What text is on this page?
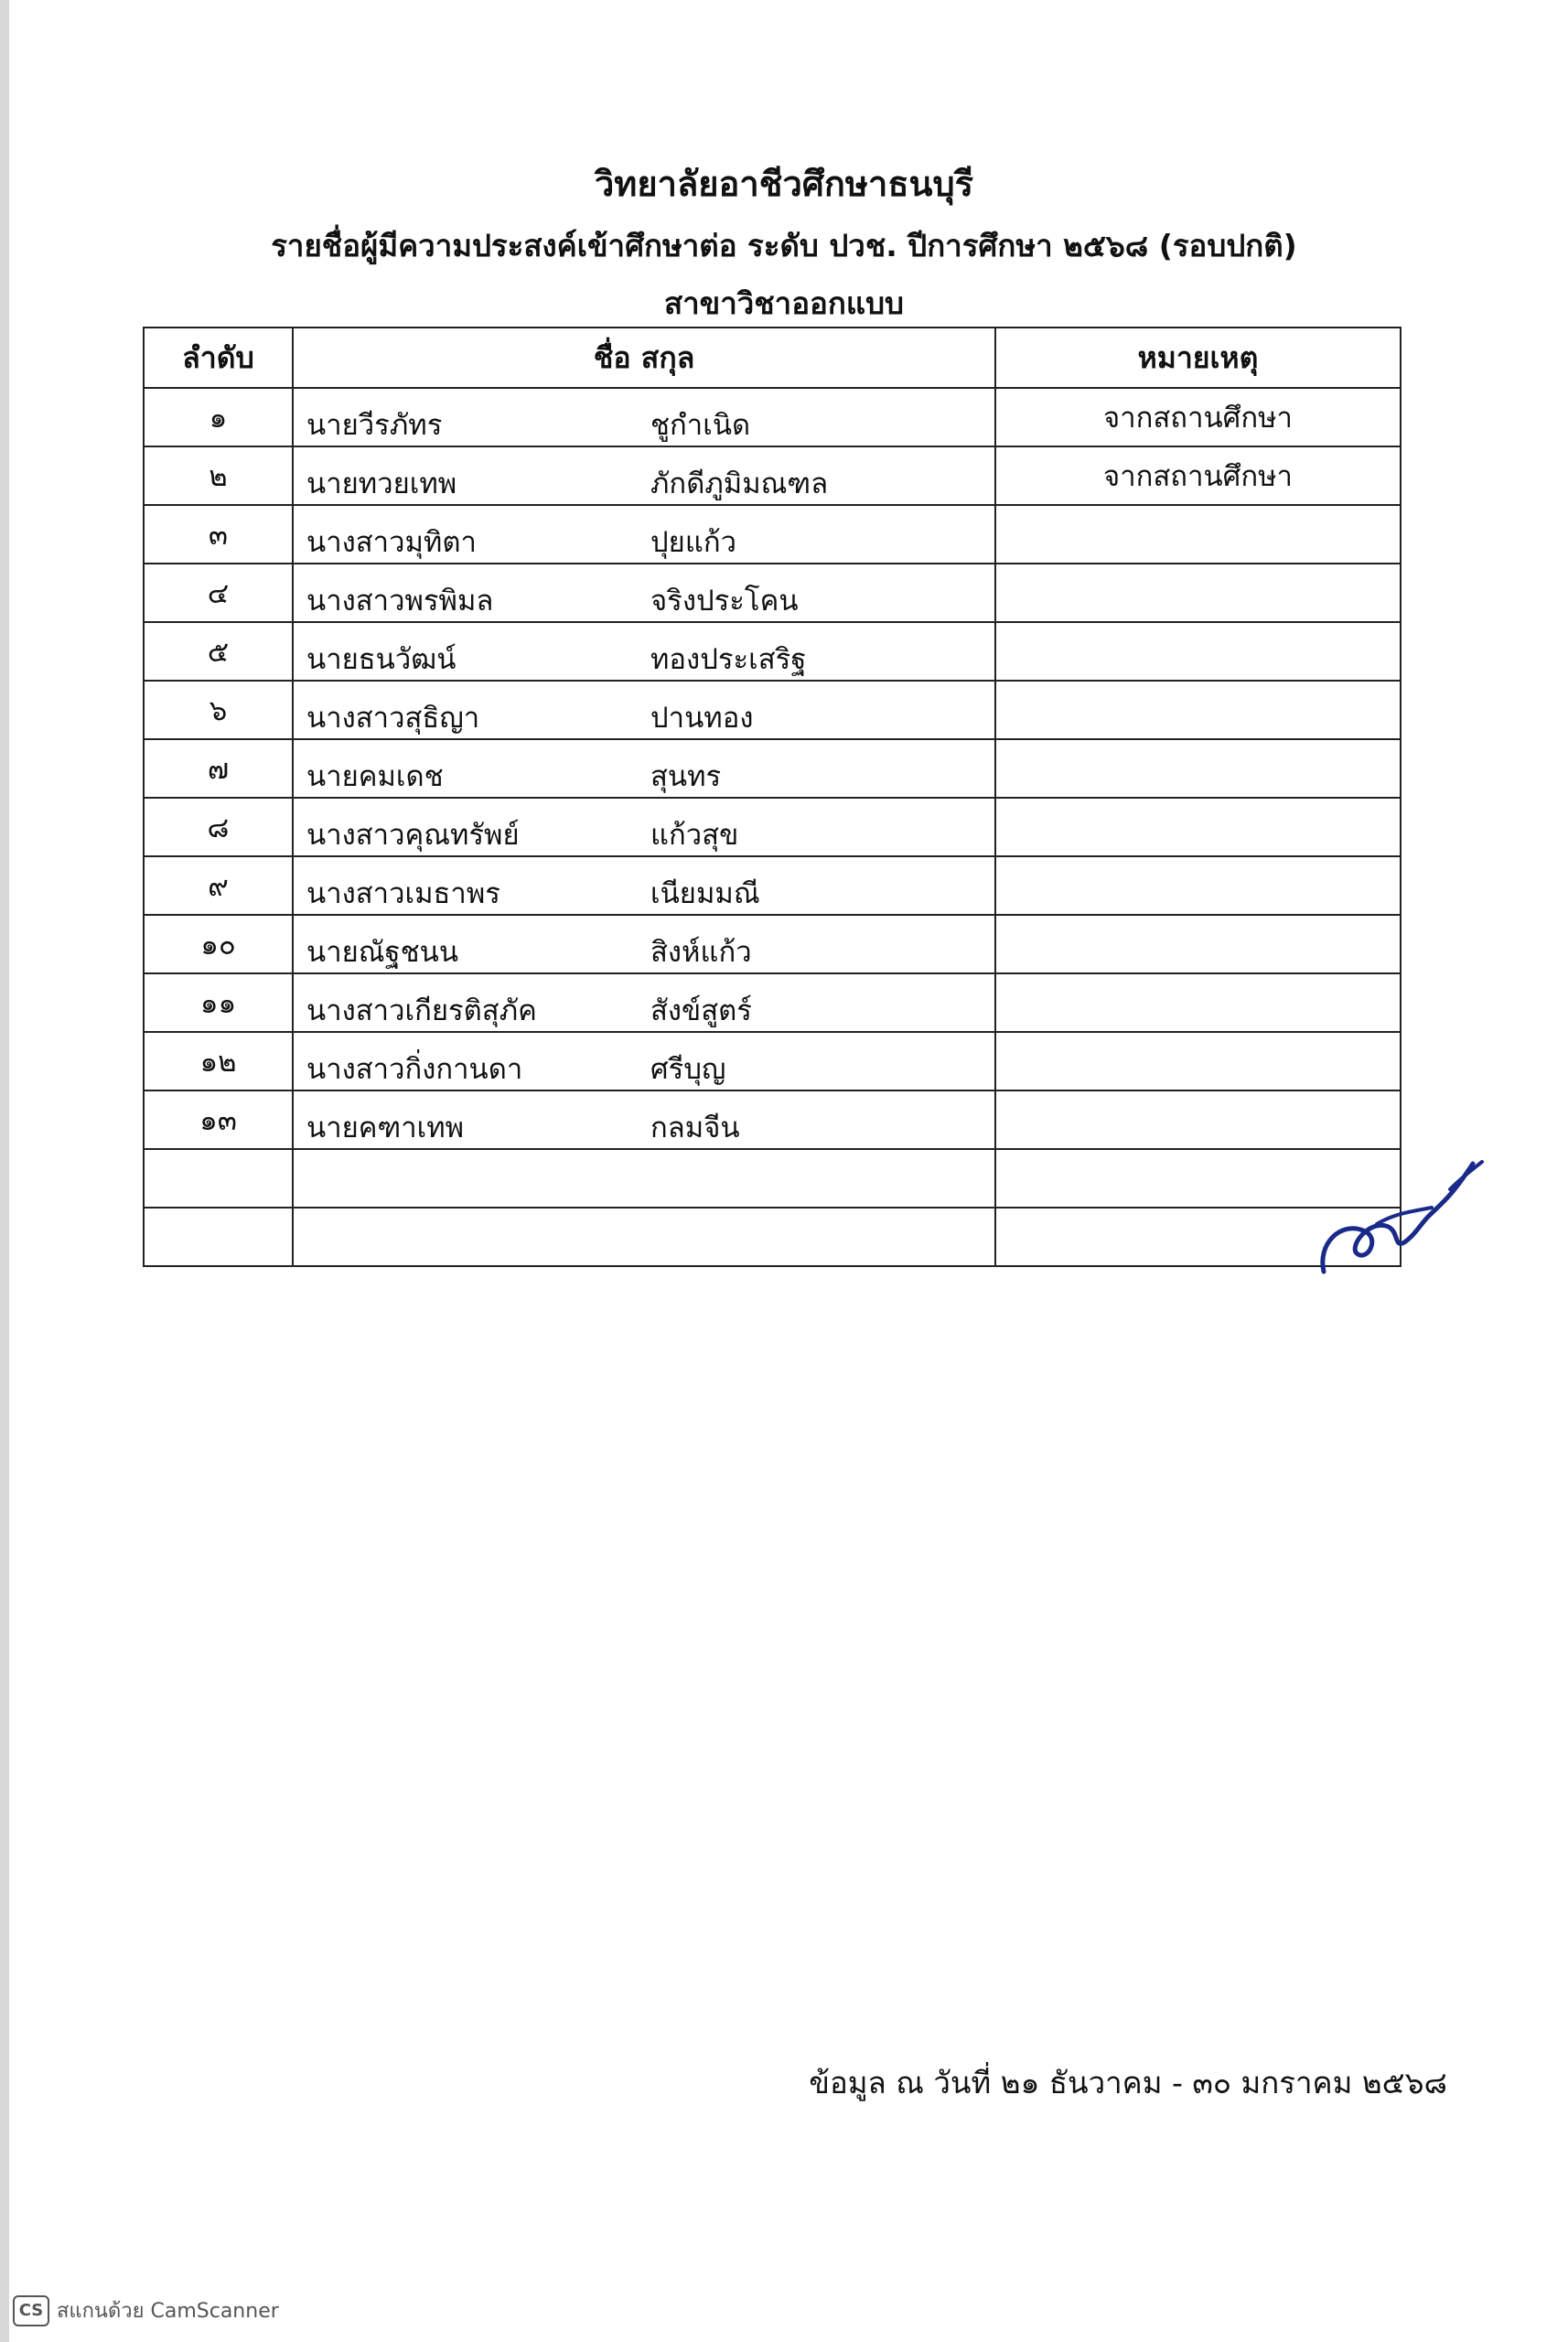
วิทยาลัยอาชีวศึกษาธนบุรี
รายชื่อผู้มีความประสงค์เข้าศึกษาต่อ ระดับ ปวช. ปีการศึกษา ๒๕๖๘ (รอบปกติ)
สาขาวิชาออกแบบ
ลำดับ	ชื่อ สกุล	หมายเหตุ
๑	นายวีรภัทร ชูกำเนิด	จากสถานศึกษา
๒	นายทวยเทพ ภักดีภูมิมณฑล	จากสถานศึกษา
๓	นางสาวมุทิตา ปุยแก้ว	

๔	นางสาวพรพิมล จริงประโคน	

๕	นายธนวัฒน์ ทองประเสริฐ	

๖	นางสาวสุธิญา ปานทอง	

๗	นายคมเดช สุนทร	

๘	นางสาวคุณทรัพย์ แก้วสุข	

๙	นางสาวเมธาพร เนียมมณี	

๑๐	นายณัฐชนน สิงห์แก้ว	

๑๑	นางสาวเกียรติสุภัค สังข์สูตร์	

๑๒	นางสาวกิ่งกานดา ศรีบุญ	

๑๓	นายคฑาเทพ กลมจีน	

ข้อมูล ณ วันที่ ๒๑ ธันวาคม - ๓๐ มกราคม ๒๕๖๘
CS สแกนด้วย CamScanner
